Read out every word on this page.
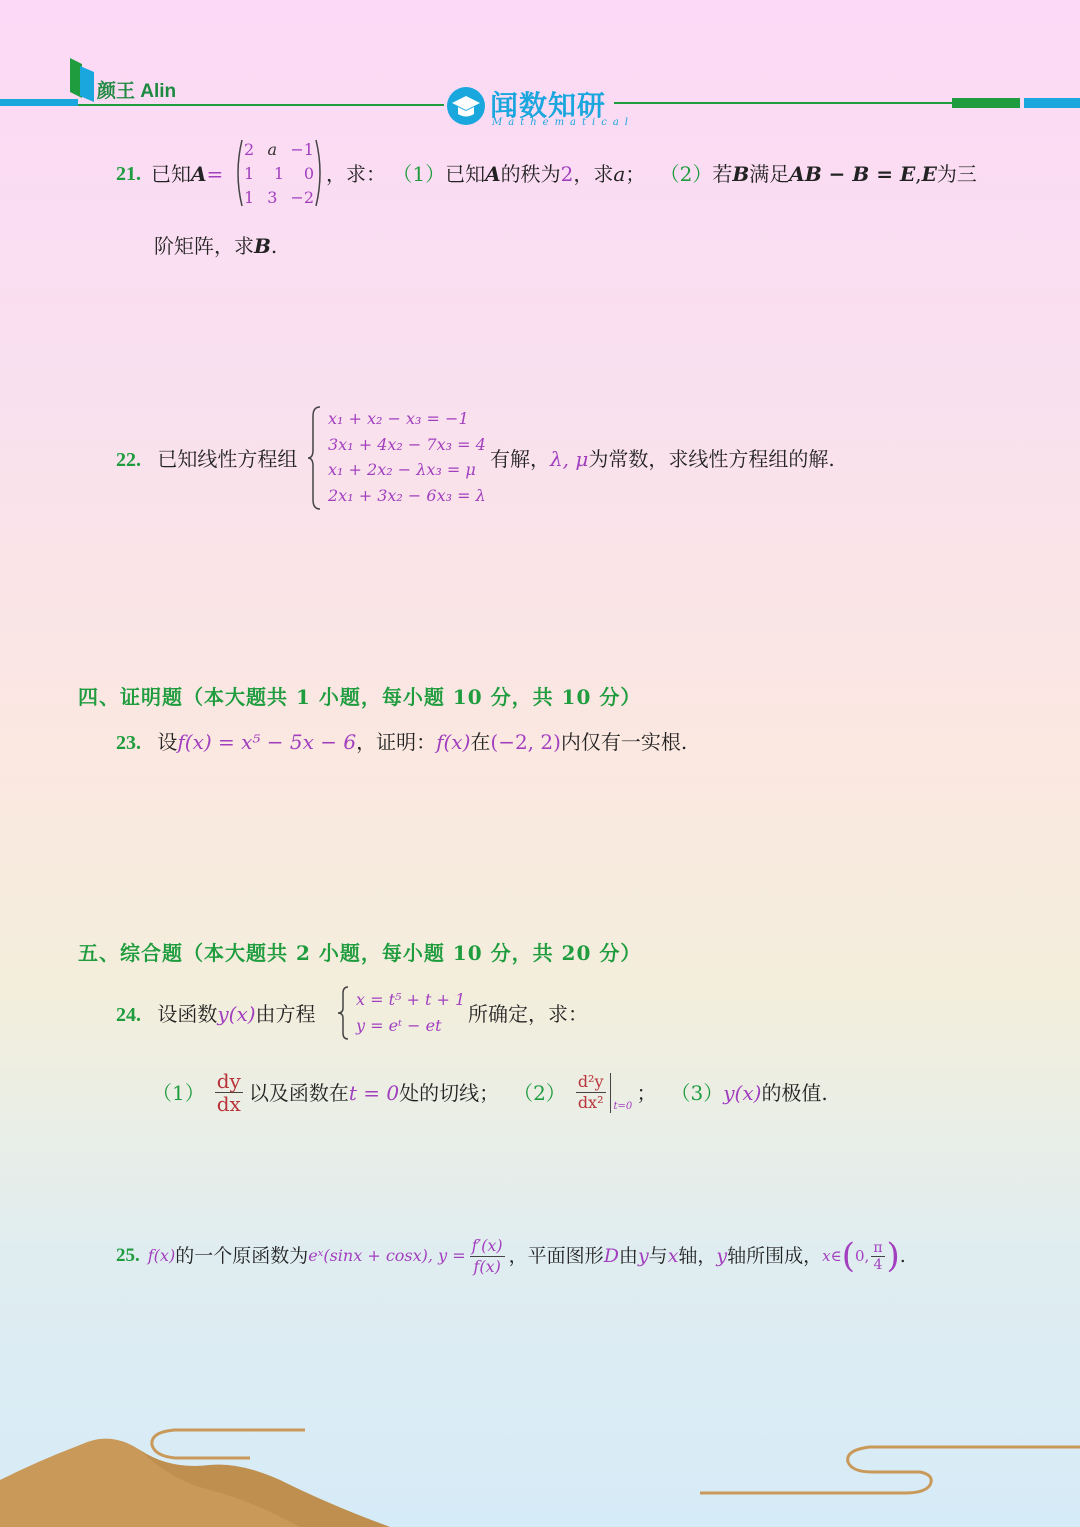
颜王 Alin	闻数知研
Mathematical
21. 已知 A =
2 a −1
1 1 0
1 3 −2
，求： （1）已知A的秩为2，求a； （2）若B满足AB − B = E,E为三
阶矩阵，求B.
22. 已知线性方程组
x₁ + x₂ − x₃ = −1
3x₁ + 4x₂ − 7x₃ = 4
x₁ + 2x₂ − λx₃ = μ
2x₁ + 3x₂ − 6x₃ = λ
有解，λ, μ为常数，求线性方程组的解.
四、证明题（本大题共 1 小题，每小题 10 分，共 10 分）
23. 设f(x) = x⁵ − 5x − 6，证明：f(x)在(−2, 2)内仅有一实根.
五、综合题（本大题共 2 小题，每小题 10 分，共 20 分）
24. 设函数y(x)由方程
x = t⁵ + t + 1
y = eᵗ − et	所确定，求：
$(1) \frac{dy}{dx}$ 以及函数在 t = 0 处的切线； $(2) \frac{\text{d²y}}{\text{dx²}} t=0$
； （3） y(x) 的极值.
25. f(x) 的一个原函数为 eˣ(sinx + cosx), $y = \frac{f'(x)}{f(x)}$ ，平面图形 D 由 y 与 x 轴， y 轴所围成， x∈ ( 0, $\frac{\pi}{4}$ ) .
